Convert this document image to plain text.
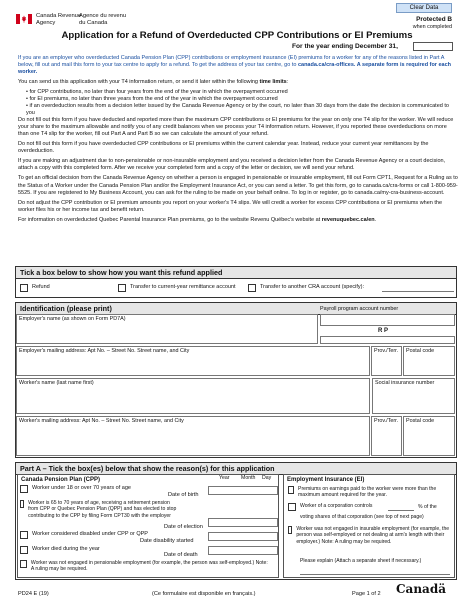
Canada Revenue
Agency
Agence du revenu
du Canada
Clear Data
Protected B
when completed
Application for a Refund of Overdeducted CPP Contributions or EI Premiums
For the year ending December 31,

If you are an employer who overdeducted Canada Pension Plan (CPP) contributions or employment insurance (EI) premiums for a worker for any of the reasons listed in Part A below, fill out and mail this form to your tax centre to apply for a refund. To get the address of your tax centre, go to canada.ca/cra-offices. A separate form is required for each worker.

You can send us this application with your T4 information return, or send it later within the following time limits:

• for CPP contributions, no later than four years from the end of the year in which the overpayment occurred
• for EI premiums, no later than three years from the end of the year in which the overpayment occurred
• if an overdeduction results from a decision letter issued by the Canada Revenue Agency or by the court, no later than 30 days from the date the decision is communicated to you

Do not fill out this form if you have deducted and reported more than the maximum CPP contributions or EI premiums for the year on only one T4 slip for the worker. We will reduce your share to the maximum allowable and notify you of any credit balances when we process your T4 information return. However, if you reported these overdeductions on more than one T4 slip for the worker, fill out Part A and Part B so we can calculate the amount of your refund.

Do not fill out this form if you have overdeducted CPP contributions or EI premiums within the current calendar year. Instead, reduce your current year remittances by the overdeduction.

If you are making an adjustment due to non-pensionable or non-insurable employment and you received a decision letter from the Canada Revenue Agency or a court decision, attach a copy with this completed form. After we receive your completed form and a copy of the letter or decision, we will send your refund.

To get an official decision from the Canada Revenue Agency on whether a person is engaged in pensionable or insurable employment, fill out Form CPT1, Request for a Ruling as to the Status of a Worker under the Canada Pension Plan and/or the Employment Insurance Act, or you can send a letter. To get this form, go to canada.ca/cra-forms or call 1-800-959-5525. If you are registered to My Business Account, you can ask for the ruling to be made on your behalf online. To log in or register, go to canada.ca/my-cra-business-account.

Do not adjust the CPP contribution or EI premium amounts you report on your worker's T4 slips. We will credit a worker for excess CPP contributions or EI premiums when the worker files his or her income tax and benefit return.

For information on overdeducted Quebec Parental Insurance Plan premiums, go to the website Revenu Québec's website at revenuquebec.ca/en.

Tick a box below to show how you want this refund applied
Refund	Transfer to current-year remittance account	Transfer to another CRA account (specify):
Identification (please print)
Employer's name (as shown on Form PD7A)
Payroll program account number
R P
Employer's mailing address: Apt No. – Street No. Street name, and City	Prov./Terr.	Postal code
Worker's name (last name first)	Social insurance number
Worker's mailing address: Apt No. – Street No. Street name, and City	Prov./Terr.	Postal code
Part A – Tick the box(es) below that show the reason(s) for this application
Canada Pension Plan (CPP)	Year Month Day
Worker under 18 or over 70 years of age
Date of birth
Worker is 65 to 70 years of age, receiving a retirement pension from CPP or Quebec Pension Plan (QPP) and has elected to stop contributing to the CPP by filing Form CPT30 with the employer
Date of election
Worker considered disabled under CPP or QPP
Date disability started
Worker died during the year
Date of death
Worker was not engaged in pensionable employment (for example, the person was self-employed.) Note: A ruling may be required.
Employment Insurance (EI)
Premiums on earnings paid to the worker were more than the maximum amount required for the year.
Worker of a corporation controls	% of the
voting shares of that corporation (see top of next page)
Worker was not engaged in insurable employment (for example, the person was self-employed or not dealing at arm's length with their employer.) Note: A ruling may be required.
Please explain (Attach a separate sheet if necessary.)
PD24 E (19)	(Ce formulaire est disponible en français.)	Page 1 of 2 Canadä
